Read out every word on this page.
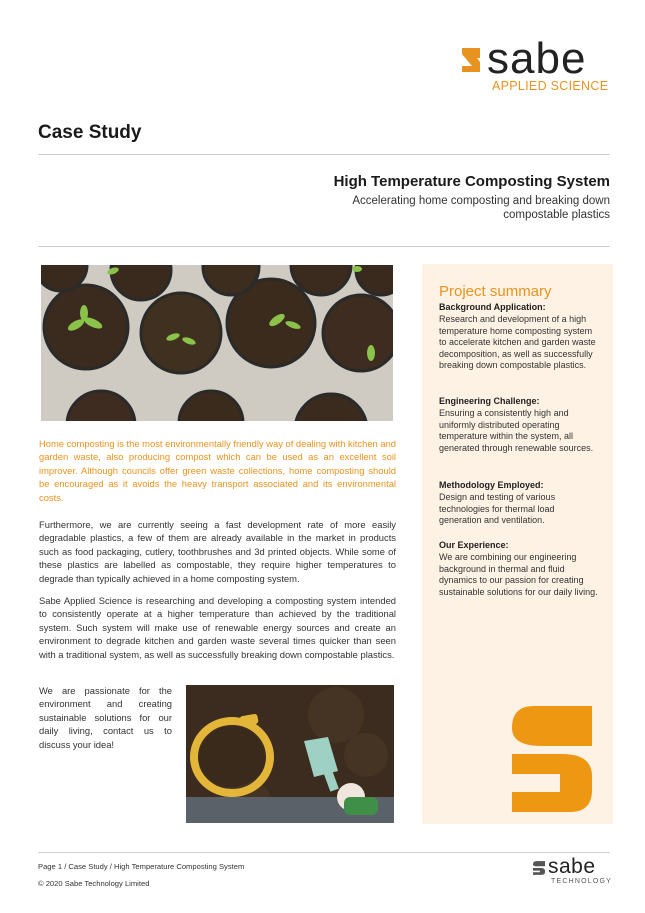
sabe
APPLIED SCIENCE
Case Study
High Temperature Composting System
Accelerating home composting and breaking down compostable plastics
Home composting is the most environmentally friendly way of dealing with kitchen and garden waste, also producing compost which can be used as an excellent soil improver. Although councils offer green waste collections, home composting should be encouraged as it avoids the heavy transport associated and its environmental costs.
Furthermore, we are currently seeing a fast development rate of more easily degradable plastics, a few of them are already available in the market in products such as food packaging, cutlery, toothbrushes and 3d printed objects. While some of these plastics are labelled as compostable, they require higher temperatures to degrade than typically achieved in a home composting system.
Sabe Applied Science is researching and developing a composting system intended to consistently operate at a higher temperature than achieved by the traditional system. Such system will make use of renewable energy sources and create an environment to degrade kitchen and garden waste several times quicker than seen with a traditional system, as well as successfully breaking down compostable plastics.
We are passionate for the environment and creating sustainable solutions for our daily living, contact us to discuss your idea!
Project summary
Background Application:
Research and development of a high temperature home composting system to accelerate kitchen and garden waste decomposition, as well as successfully breaking down compostable plastics.
Engineering Challenge:
Ensuring a consistently high and uniformly distributed operating temperature within the system, all generated through renewable sources.
Methodology Employed:
Design and testing of various technologies for thermal load generation and ventilation.
Our Experience:
We are combining our engineering background in thermal and fluid dynamics to our passion for creating sustainable solutions for our daily living.
Page 1 / Case Study / High Temperature Composting System
© 2020 Sabe Technology Limited
sabe
TECHNOLOGY
